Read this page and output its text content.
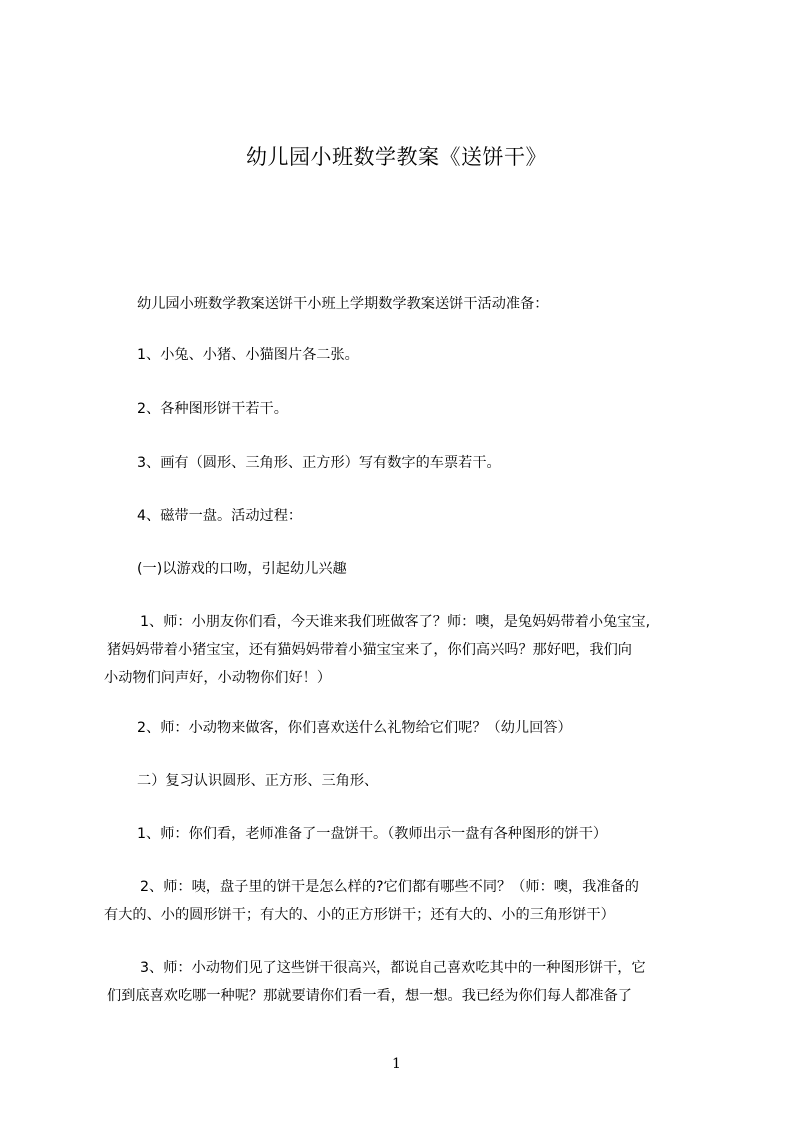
幼儿园小班数学教案《送饼干》
幼儿园小班数学教案送饼干小班上学期数学教案送饼干活动准备：
1、小兔、小猪、小猫图片各二张。
2、各种图形饼干若干。
3、画有（圆形、三角形、正方形）写有数字的车票若干。
4、磁带一盘。活动过程：
(一)以游戏的口吻，引起幼儿兴趣
1、师：小朋友你们看，今天谁来我们班做客了？师：噢，是兔妈妈带着小兔宝宝,
猪妈妈带着小猪宝宝，还有猫妈妈带着小猫宝宝来了，你们高兴吗？那好吧，我们向
小动物们问声好，小动物你们好！）
2、师：小动物来做客，你们喜欢送什么礼物给它们呢？（幼儿回答）
二）复习认识圆形、正方形、三角形、
1、师：你们看，老师准备了一盘饼干。（教师出示一盘有各种图形的饼干）
2、师：咦，盘子里的饼干是怎么样的?它们都有哪些不同？（师：噢，我准备的
有大的、小的圆形饼干；有大的、小的正方形饼干；还有大的、小的三角形饼干）
3、师：小动物们见了这些饼干很高兴，都说自己喜欢吃其中的一种图形饼干，它
们到底喜欢吃哪一种呢？那就要请你们看一看，想一想。我已经为你们每人都准备了
1
